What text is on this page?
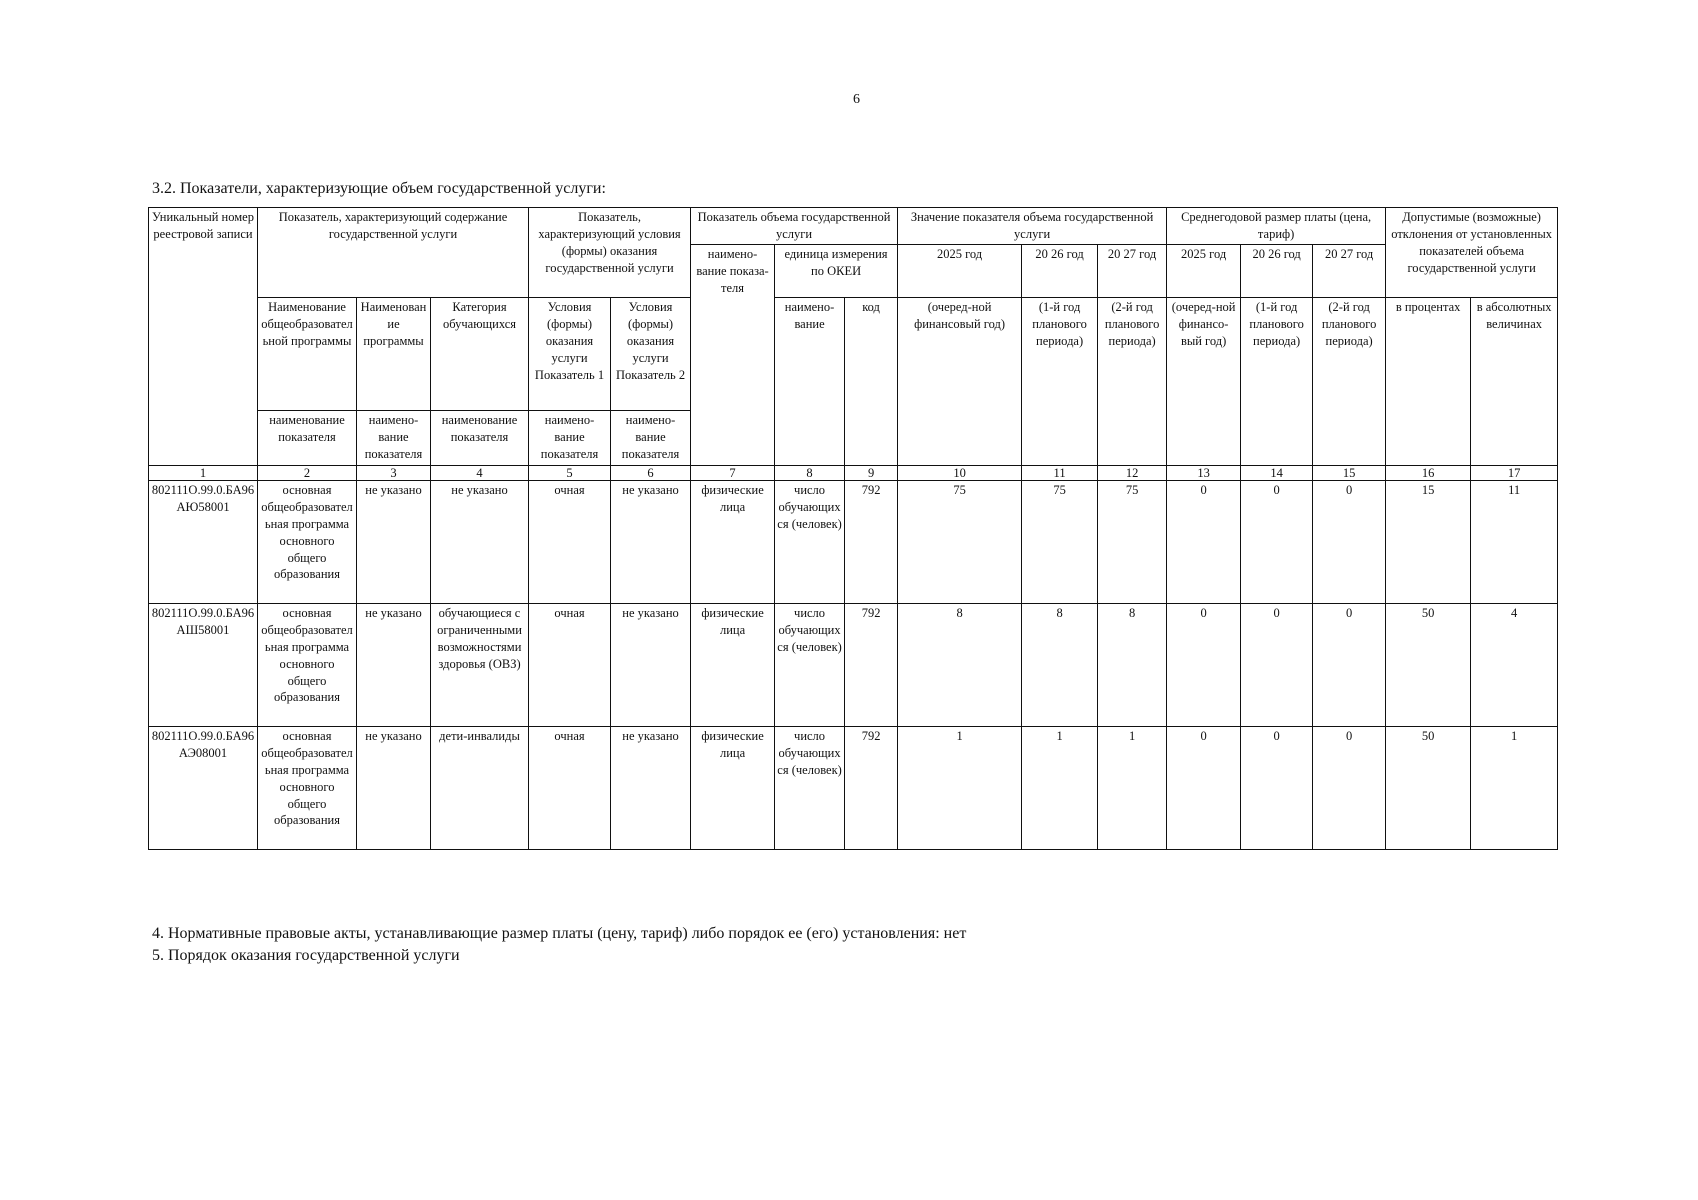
6
3.2. Показатели, характеризующие объем государственной услуги:
Уникальный номер реестровой записи	Показатель, характеризующий содержание государственной услуги			Показатель, характеризующий условия (формы) оказания государственной услуги		Показатель объема государственной услуги			Значение показателя объема государственной услуги			Среднегодовой размер платы (цена, тариф)			Допустимые (возможные) отклонения от установленных показателей объема государственной услуги	
						наимено-вание показа-теля	единица измерения по ОКЕИ		2025 год	20 26 год	20 27 год	2025 год	20 26 год	20 27 год		
	Наименование общеобразовательной программы	Наименование программы	Категория обучающихся	Условия (формы) оказания услуги Показатель 1	Условия (формы) оказания услуги Показатель 2		наимено-вание	код	(очеред-ной финансовый год)	(1-й год планового периода)	(2-й год планового периода)	(очеред-ной финансо-вый год)	(1-й год планового периода)	(2-й год планового периода)	в процентах	в абсолютных величинах
	наименование показателя	наимено-вание показателя	наименование показателя	наимено-вание показателя	наимено-вание показателя											
1	2	3	4	5	6	7	8	9	10	11	12	13	14	15	16	17
802111О.99.0.БА96АЮ58001	основная общеобразовательная программа основного общего образования	не указано	не указано	очная	не указано	физические лица	число обучающихся (человек)	792	75	75	75	0	0	0	15	11
802111О.99.0.БА96АШ58001	основная общеобразовательная программа основного общего образования	не указано	обучающиеся с ограниченными возможностями здоровья (ОВЗ)	очная	не указано	физические лица	число обучающихся (человек)	792	8	8	8	0	0	0	50	4
802111О.99.0.БА96АЭ08001	основная общеобразовательная программа основного общего образования	не указано	дети-инвалиды	очная	не указано	физические лица	число обучающихся (человек)	792	1	1	1	0	0	0	50	1
4. Нормативные правовые акты, устанавливающие размер платы (цену, тариф) либо порядок ее (его) установления: нет
5. Порядок оказания государственной услуги
